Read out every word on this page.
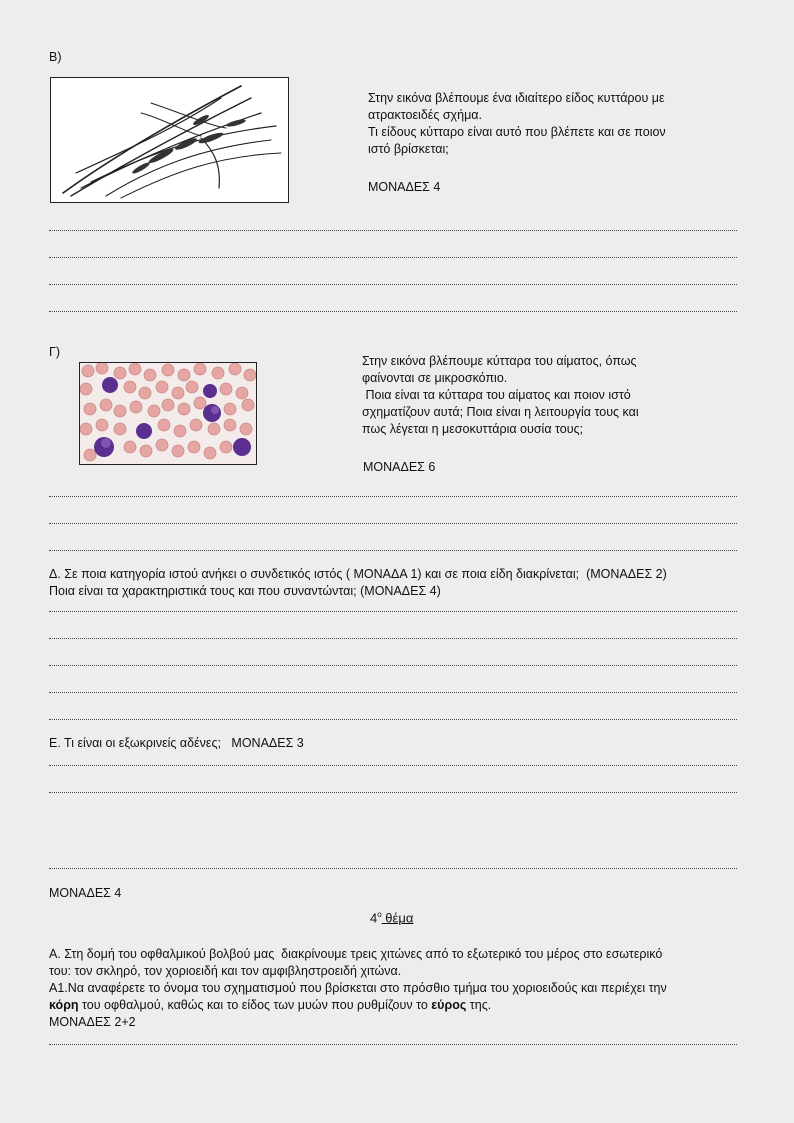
Β)
Στην εικόνα βλέπουμε ένα ιδιαίτερο είδος κυττάρου με
ατρακτοειδές σχήμα.
Τι είδους κύτταρο είναι αυτό που βλέπετε και σε ποιον
ιστό βρίσκεται;
ΜΟΝΑΔΕΣ 4
Γ)
Στην εικόνα βλέπουμε κύτταρα του αίματος, όπως
φαίνονται σε μικροσκόπιο.
Ποια είναι τα κύτταρα του αίματος και ποιον ιστό
σχηματίζουν αυτά; Ποια είναι η λειτουργία τους και
πως λέγεται η μεσοκυττάρια ουσία τους;
ΜΟΝΑΔΕΣ 6
Δ. Σε ποια κατηγορία ιστού ανήκει ο συνδετικός ιστός ( ΜΟΝΑΔΑ 1) και σε ποια είδη διακρίνεται;  (ΜΟΝΑΔΕΣ 2)
Ποια είναι τα χαρακτηριστικά τους και που συναντώνται; (ΜΟΝΑΔΕΣ 4)
Ε. Τι είναι οι εξωκρινείς αδένες;   ΜΟΝΑΔΕΣ 3
ΜΟΝΑΔΕΣ 4
$4^o$ θέμα
Α. Στη δομή του οφθαλμικού βολβού μας  διακρίνουμε τρεις χιτώνες από το εξωτερικό του μέρος στο εσωτερικό
του: τον σκληρό, τον χοριοειδή και τον αμφιβληστροειδή χιτώνα.
Α1.Να αναφέρετε το όνομα του σχηματισμού που βρίσκεται στο πρόσθιο τμήμα του χοριοειδούς και περιέχει την
κόρη του οφθαλμού, καθώς και το είδος των μυών που ρυθμίζουν το εύρος της.
ΜΟΝΑΔΕΣ 2+2
